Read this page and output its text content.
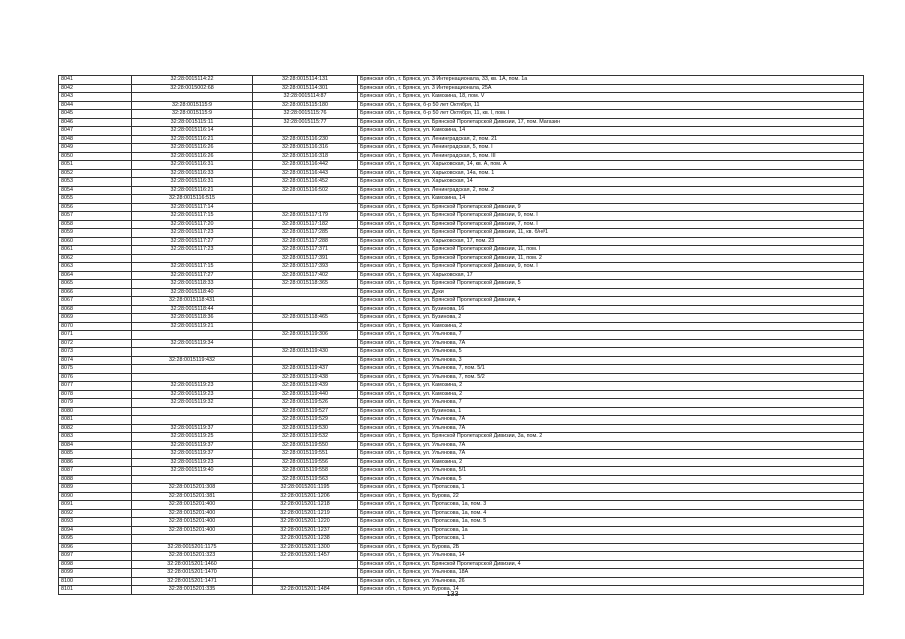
8041	32:28:0015114:22	32:28:0015114:131	Брянская обл., г. Брянск, ул. 3 Интернационала, 33, кв. 1А, пом. 1а
8042	32:28:0015002:68	32:28:0015114:301	Брянская обл., г. Брянск, ул. 3 Интернационала, 25А
8043		32:28:0015114:87	Брянская обл., г. Брянск, ул. Камозина, 18, пом. V
8044	32:28:0015115:9	32:28:0015115:180	Брянская обл., г. Брянск, б-р 50 лет Октября, 11
8045	32:28:0015115:9	32:28:0015115:76	Брянская обл., г. Брянск, б-р 50 лет Октября, 11, кв. I, пом. I
8046	32:28:0015115:11	32:28:0015115:77	Брянская обл., г. Брянск, ул. Брянской Пролетарской Дивизии, 17, пом. Магазин
8047	32:28:0015116:14		Брянская обл., г. Брянск, ул. Камозина, 14
8048	32:28:0015116:21	32:28:0015116:230	Брянская обл., г. Брянск, ул. Ленинградская, 2, пом. 21
8049	32:28:0015116:26	32:28:0015116:316	Брянская обл., г. Брянск, ул. Ленинградская, 5, пом. I
8050	32:28:0015116:26	32:28:0015116:318	Брянская обл., г. Брянск, ул. Ленинградская, 5, пом. III
8051	32:28:0015116:31	32:28:0015116:442	Брянская обл., г. Брянск, ул. Харьковская, 14, кв. А, пом. А
8052	32:28:0015116:33	32:28:0015116:443	Брянская обл., г. Брянск, ул. Харьковская, 14а, пом. 1
8053	32:28:0015116:31	32:28:0015116:452	Брянская обл., г. Брянск, ул. Харьковская, 14
8054	32:28:0015116:21	32:28:0015116:502	Брянская обл., г. Брянск, ул. Ленинградская, 2, пом. 2
8055	32:28:0015116:515		Брянская обл., г. Брянск, ул. Камозина, 14
8056	32:28:0015117:14		Брянская обл., г. Брянск, ул. Брянской Пролетарской Дивизии, 9
8057	32:28:0015117:15	32:28:0015117:179	Брянская обл., г. Брянск, ул. Брянской Пролетарской Дивизии, 9, пом. I
8058	32:28:0015117:20	32:28:0015117:182	Брянская обл., г. Брянск, ул. Брянской Пролетарской Дивизии, 7, пом. I
8059	32:28:0015117:23	32:28:0015117:285	Брянская обл., г. Брянск, ул. Брянской Пролетарской Дивизии, 11, кв. б/н#1
8060	32:28:0015117:27	32:28:0015117:288	Брянская обл., г. Брянск, ул. Харьковская, 17, пом. 23
8061	32:28:0015117:23	32:28:0015117:371	Брянская обл., г. Брянск, ул. Брянской Пролетарской Дивизии, 11, пом. I
8062		32:28:0015117:391	Брянская обл., г. Брянск, ул. Брянской Пролетарской Дивизии, 11, пом. 2
8063	32:28:0015117:15	32:28:0015117:393	Брянская обл., г. Брянск, ул. Брянской Пролетарской Дивизии, 9, пом. I
8064	32:28:0015117:27	32:28:0015117:402	Брянская обл., г. Брянск, ул. Харьковская, 17
8065	32:28:0015118:33	32:28:0015118:365	Брянская обл., г. Брянск, ул. Брянской Пролетарской Дивизии, 5
8066	32:28:0015118:40		Брянская обл., г. Брянск, ул. Дуки
8067	32:28:0015118:431		Брянская обл., г. Брянск, ул. Брянской Пролетарской Дивизии, 4
8068	32:28:0015118:44		Брянская обл., г. Брянск, ул. Бузинова, 16
8069	32:28:0015118:36	32:28:0015118:465	Брянская обл., г. Брянск, ул. Бузинова, 2
8070	32:28:0015119:21		Брянская обл., г. Брянск, ул. Камозина, 2
8071		32:28:0015119:306	Брянская обл., г. Брянск, ул. Ульянова, 7
8072	32:28:0015119:34		Брянская обл., г. Брянск, ул. Ульянова, 7А
8073		32:28:0015119:430	Брянская обл., г. Брянск, ул. Ульянова, 5
8074	32:28:0015119:432		Брянская обл., г. Брянск, ул. Ульянова, 3
8075		32:28:0015119:437	Брянская обл., г. Брянск, ул. Ульянова, 7, пом. 5/1
8076		32:28:0015119:438	Брянская обл., г. Брянск, ул. Ульянова, 7, пом. 5/2
8077	32:28:0015119:23	32:28:0015119:439	Брянская обл., г. Брянск, ул. Камозина, 2
8078	32:28:0015119:23	32:28:0015119:440	Брянская обл., г. Брянск, ул. Камозина, 2
8079	32:28:0015119:32	32:28:0015119:526	Брянская обл., г. Брянск, ул. Ульянова, 7
8080		32:28:0015119:527	Брянская обл., г. Брянск, ул. Бузинова, 1
8081		32:28:0015119:529	Брянская обл., г. Брянск, ул. Ульянова, 7А
8082	32:28:0015119:37	32:28:0015119:530	Брянская обл., г. Брянск, ул. Ульянова, 7А
8083	32:28:0015119:25	32:28:0015119:532	Брянская обл., г. Брянск, ул. Брянской Пролетарской Дивизии, 3а, пом. 2
8084	32:28:0015119:37	32:28:0015119:550	Брянская обл., г. Брянск, ул. Ульянова, 7А
8085	32:28:0015119:37	32:28:0015119:551	Брянская обл., г. Брянск, ул. Ульянова, 7А
8086	32:28:0015119:23	32:28:0015119:556	Брянская обл., г. Брянск, ул. Камозина, 2
8087	32:28:0015119:40	32:28:0015119:558	Брянская обл., г. Брянск, ул. Ульянова, 5/1
8088		32:28:0015119:563	Брянская обл., г. Брянск, ул. Ульянова, 5
8089	32:28:0015201:308	32:28:0015201:1195	Брянская обл., г. Брянск, ул. Протасова, 1
8090	32:28:0015201:381	32:28:0015201:1206	Брянская обл., г. Брянск, ул. Бурова, 22
8091	32:28:0015201:400	32:28:0015201:1218	Брянская обл., г. Брянск, ул. Протасова, 1а, пом. 3
8092	32:28:0015201:400	32:28:0015201:1219	Брянская обл., г. Брянск, ул. Протасова, 1а, пом. 4
8093	32:28:0015201:400	32:28:0015201:1220	Брянская обл., г. Брянск, ул. Протасова, 1а, пом. 5
8094	32:28:0015201:400	32:28:0015201:1237	Брянская обл., г. Брянск, ул. Протасова, 1а
8095		32:28:0015201:1238	Брянская обл., г. Брянск, ул. Протасова, 1
8096	32:28:0015201:1175	32:28:0015201:1300	Брянская обл., г. Брянск, ул. Бурова, 2Б
8097	32:28:0015201:323	32:28:0015201:1457	Брянская обл., г. Брянск, ул. Ульянова, 14
8098	32:28:0015201:1460		Брянская обл., г. Брянск, ул. Брянской Пролетарской Дивизии, 4
8099	32:28:0015201:1470		Брянская обл., г. Брянск, ул. Ульянова, 18А
8100	32:28:0015201:1471		Брянская обл., г. Брянск, ул. Ульянова, 26
8101	32:28:0015201:335	32:28:0015201:1484	Брянская обл., г. Брянск, ул. Бурова, 14
133
